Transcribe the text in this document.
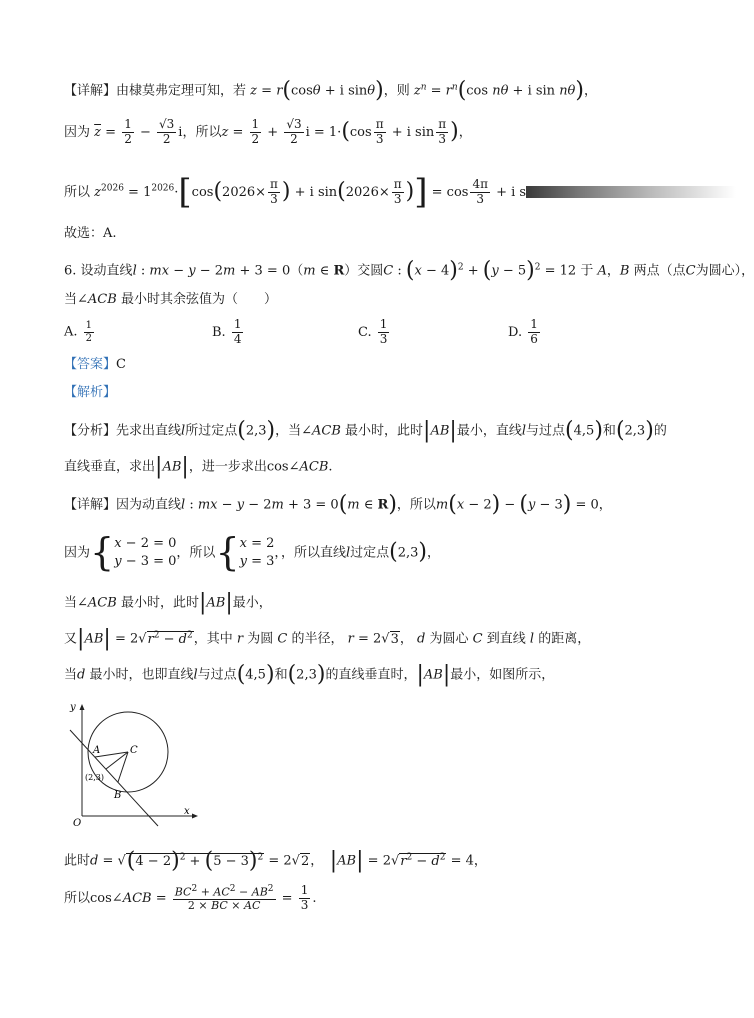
【详解】由棣莫弗定理可知，若 z = r(cosθ + i sinθ)，则 $z^n = r^n(\cos$ nθ + i sin nθ)，
因为 $\overline{z} = \frac{1}{2} - \frac{√3}{2}$ i，所以$z = \frac{1}{2} + \frac{√3}{2}$ $i = 1\cdot(\cos \frac{\pi}{3} + i$ $\sin \frac{\pi}{3}$ )，
所以 $z^{2026} = 1^{2026}\cdot[\cos(2026\times \frac{\pi}{3}$ ) + i $\sin(2026\times \frac{\pi}{3}$ )] = $\cos \frac{4\pi}{3} + i$ s
故选：A.
6. 设动直线l : mx − y − 2m + 3 = 0（m ∈ R）交圆C : $(x - 4)^2 + (y - 5)^2 = 12$ 于 A，B 两点（点C为圆心），
当∠ACB 最小时其余弦值为（　　）
A. $\frac{1}{2}$	B. $\frac{1}{4}$	C. $\frac{1}{3}$	D. $\frac{1}{6}$
【答案】C
【解析】
【分析】先求出直线l所过定点(2,3)，当∠ACB 最小时，此时|AB|最小，直线l与过点(4,5)和(2,3)的
直线垂直，求出|AB|，进一步求出cos∠ACB.
【详解】因为动直线l : mx − y − 2m + 3 = 0(m ∈ R)，所以m(x − 2) − (y − 3) = 0，
因为{x − 2 = 0
y − 3 = 0，所以{x = 2
y = 3，，所以直线l过定点(2,3)，
当∠ACB 最小时，此时|AB|最小，
又$|AB| = 2√r^2 - d^2$，其中 r 为圆 C 的半径， r = 2√3， d 为圆心 C 到直线 l 的距离，
当d 最小时，也即直线l与过点(4,5)和(2,3)的直线垂直时，|AB|最小，如图所示，
y
x
O
A
B
C
(2,3)
此时$d = √(4 - 2)^2 + (5 - 3)^2 = 2√2$，　$|AB| = 2√r^2 - d^2 = 4$，
所以cos∠ACB = $\frac{BC^2 + AC^2 - AB^2}{2 \times BC \times AC} = \frac{1}{3}$ .
